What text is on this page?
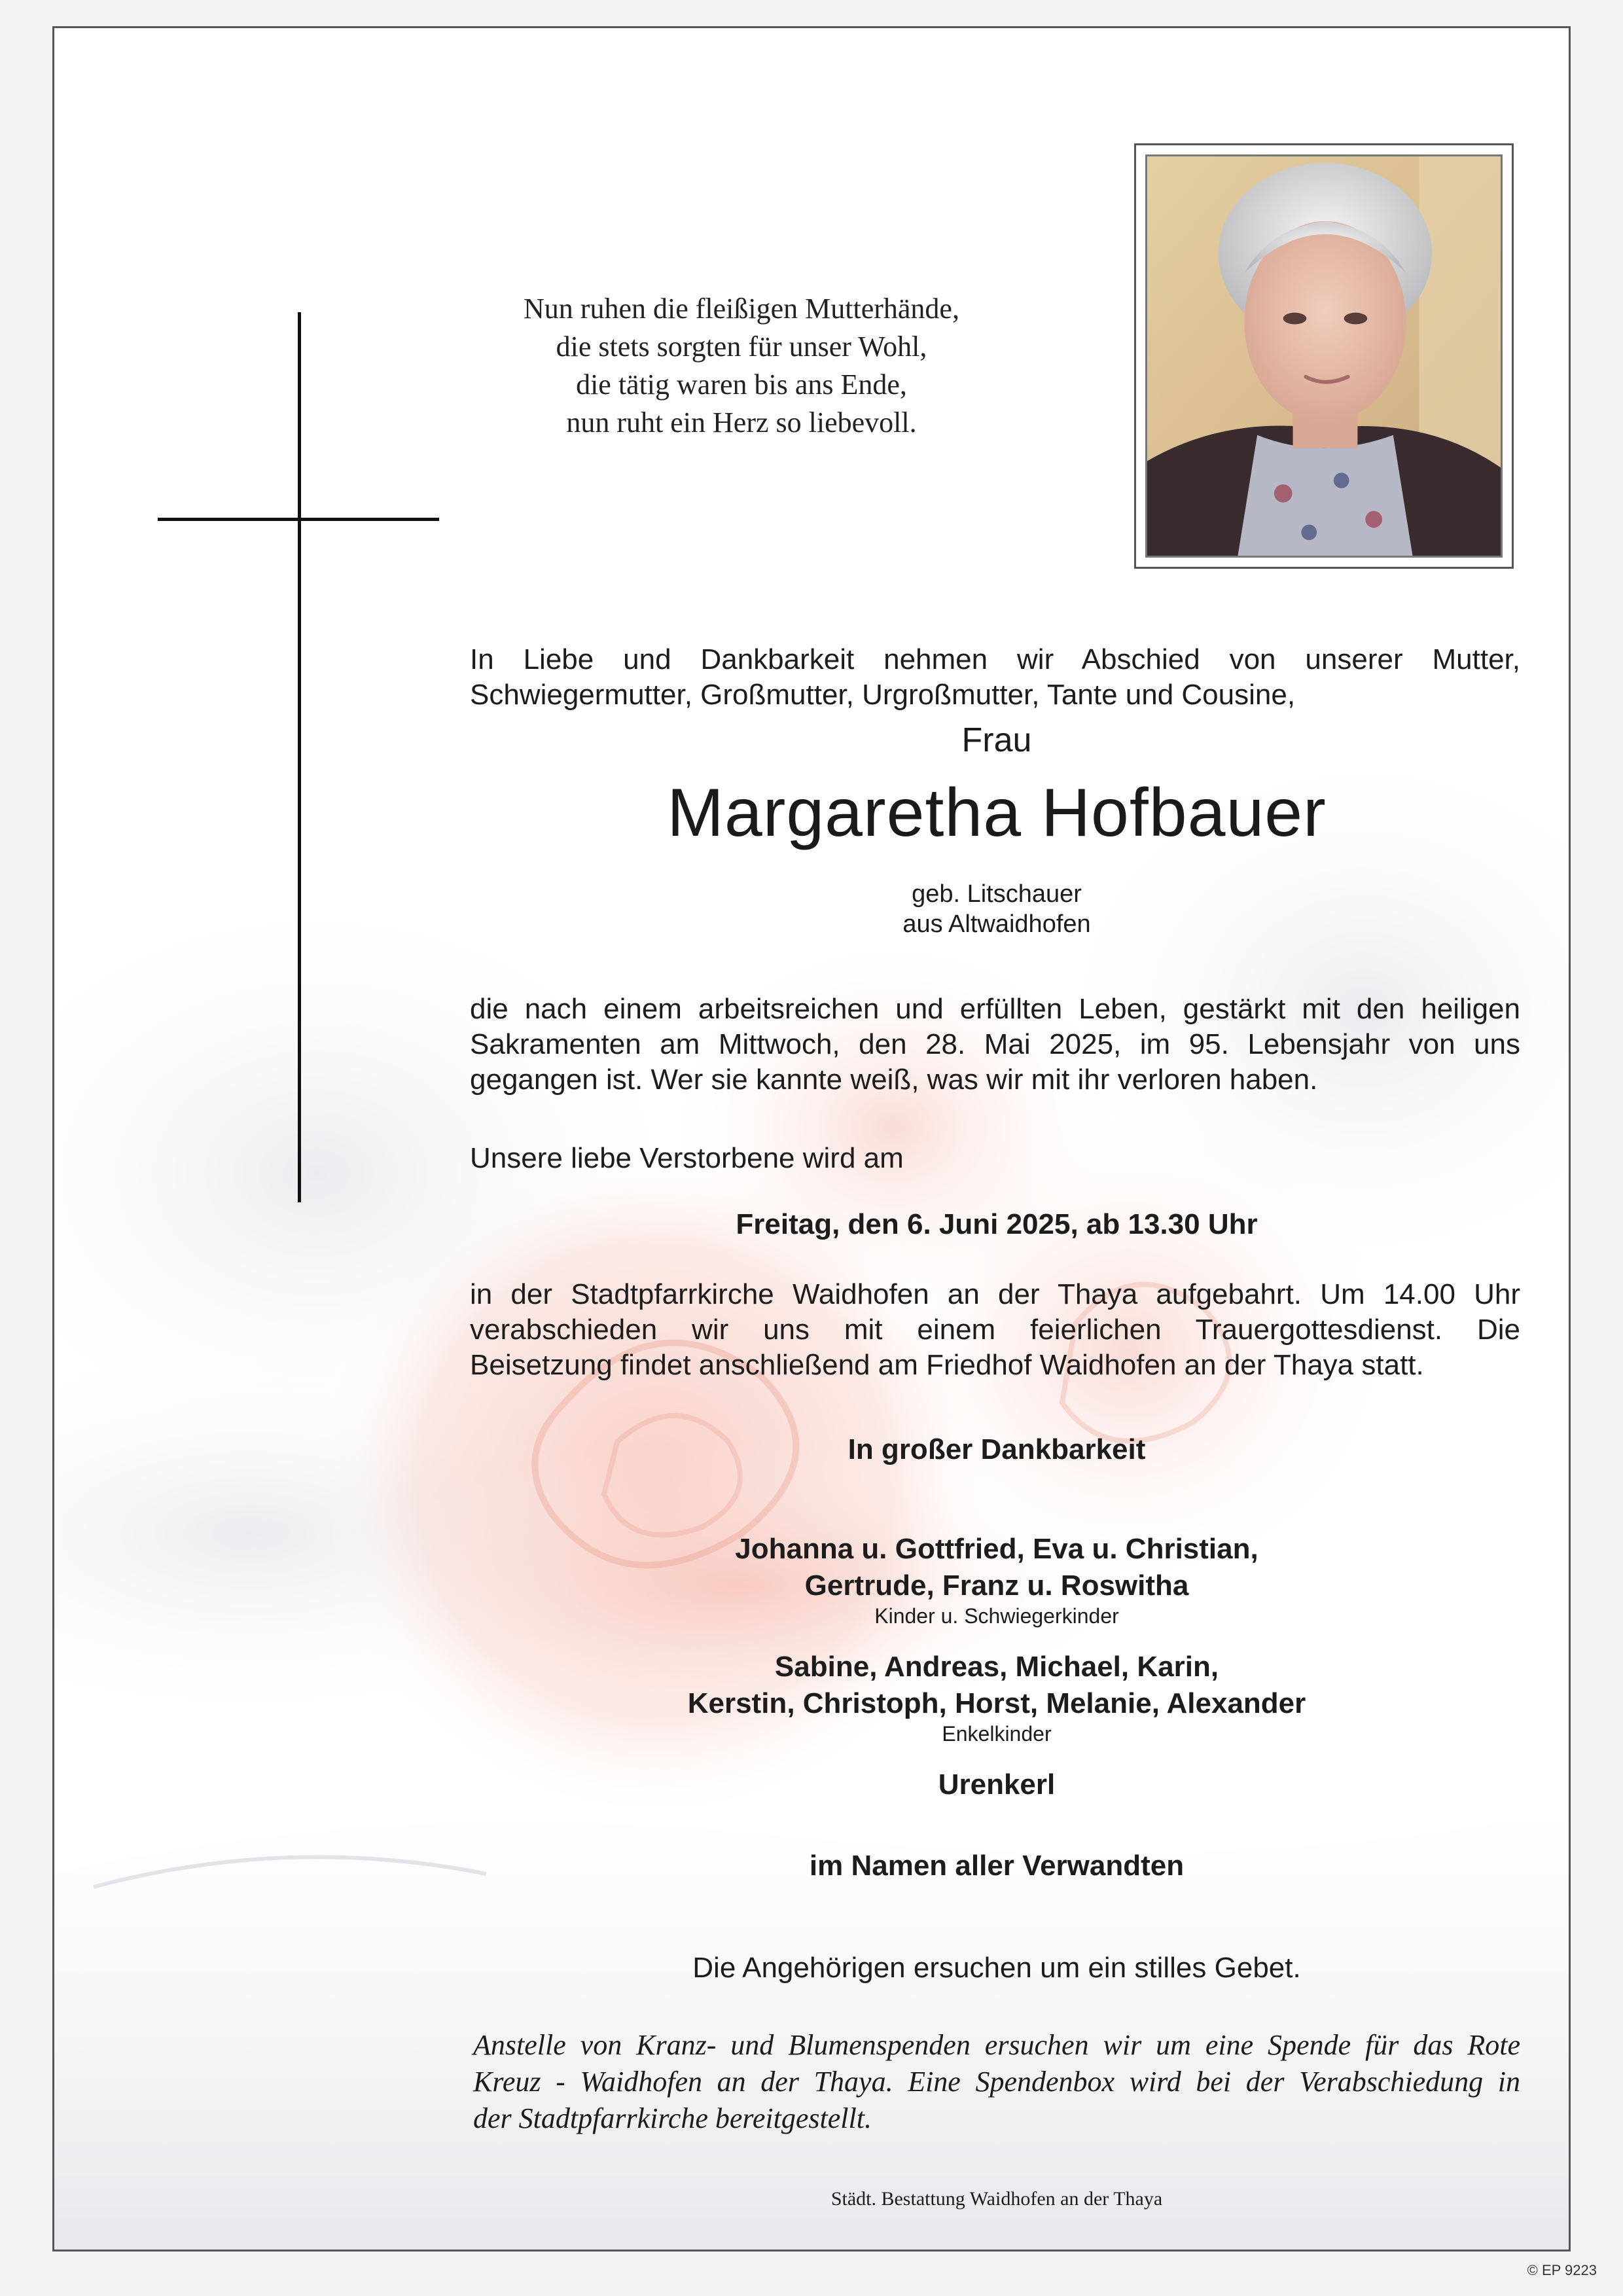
Nun ruhen die fleißigen Mutterhände,
die stets sorgten für unser Wohl,
die tätig waren bis ans Ende,
nun ruht ein Herz so liebevoll.
In Liebe und Dankbarkeit nehmen wir Abschied von unserer Mutter,
Schwiegermutter, Großmutter, Urgroßmutter, Tante und Cousine,
Frau
Margaretha Hofbauer
geb. Litschauer
aus Altwaidhofen
die nach einem arbeitsreichen und erfüllten Leben, gestärkt mit den heiligen
Sakramenten am Mittwoch, den 28. Mai 2025, im 95. Lebensjahr von uns
gegangen ist. Wer sie kannte weiß, was wir mit ihr verloren haben.
Unsere liebe Verstorbene wird am
Freitag, den 6. Juni 2025, ab 13.30 Uhr
in der Stadtpfarrkirche Waidhofen an der Thaya aufgebahrt. Um 14.00 Uhr
verabschieden wir uns mit einem feierlichen Trauergottesdienst. Die
Beisetzung findet anschließend am Friedhof Waidhofen an der Thaya statt.
In großer Dankbarkeit
Johanna u. Gottfried, Eva u. Christian,
Gertrude, Franz u. Roswitha
Kinder u. Schwiegerkinder
Sabine, Andreas, Michael, Karin,
Kerstin, Christoph, Horst, Melanie, Alexander
Enkelkinder
Urenkerl
im Namen aller Verwandten
Die Angehörigen ersuchen um ein stilles Gebet.
Anstelle von Kranz- und Blumenspenden ersuchen wir um eine Spende für das Rote
Kreuz - Waidhofen an der Thaya. Eine Spendenbox wird bei der Verabschiedung in
der Stadtpfarrkirche bereitgestellt.
Städt. Bestattung Waidhofen an der Thaya
© EP 9223
